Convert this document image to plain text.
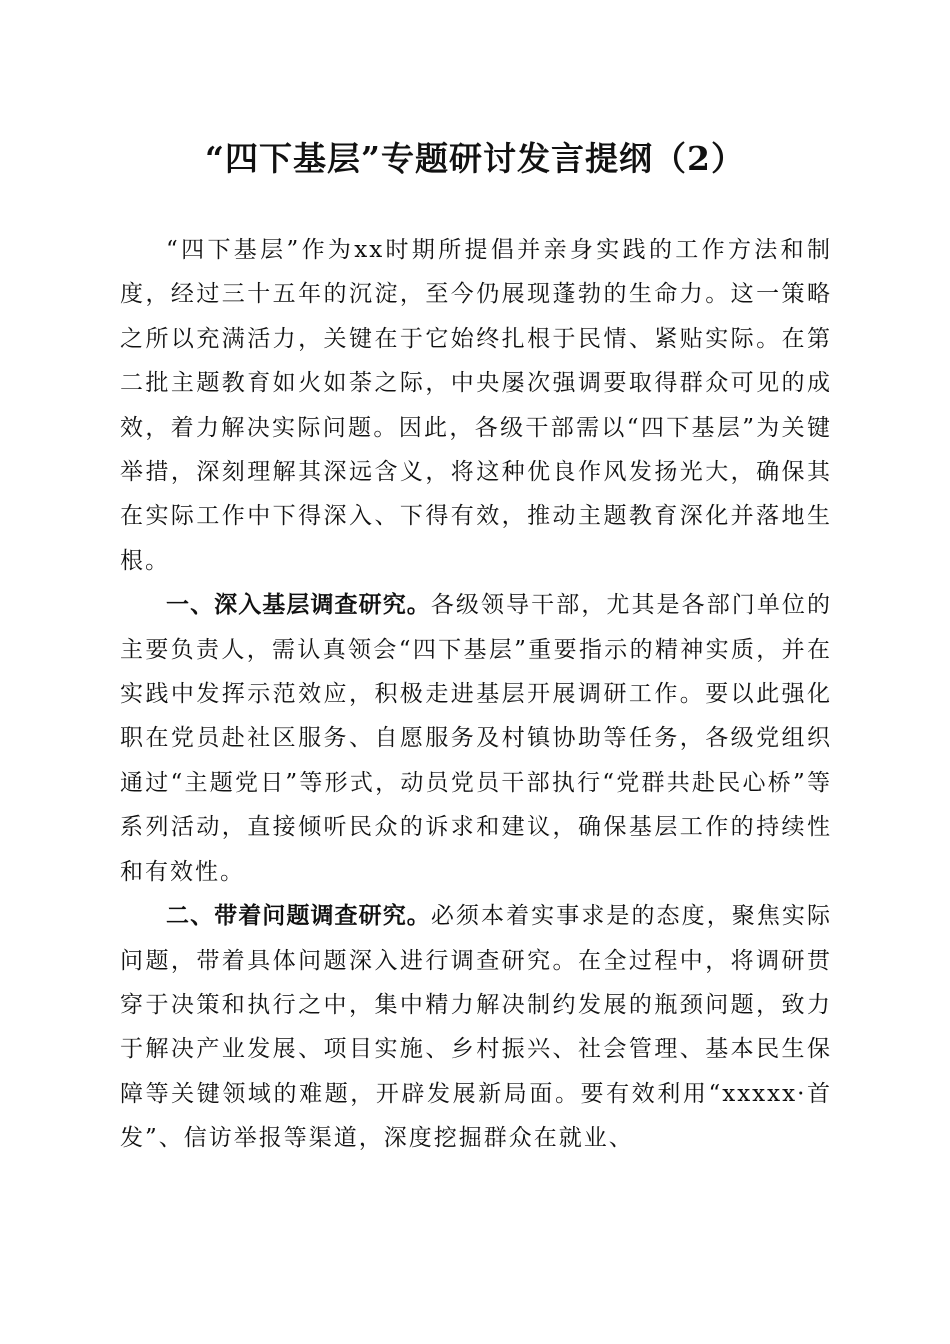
“四下基层”专题研讨发言提纲（2）

“四下基层”作为xx时期所提倡并亲身实践的工作方法和制度，经过三十五年的沉淀，至今仍展现蓬勃的生命力。这一策略之所以充满活力，关键在于它始终扎根于民情、紧贴实际。在第二批主题教育如火如荼之际，中央屡次强调要取得群众可见的成效，着力解决实际问题。因此，各级干部需以“四下基层”为关键举措，深刻理解其深远含义，将这种优良作风发扬光大，确保其在实际工作中下得深入、下得有效，推动主题教育深化并落地生根。

一、深入基层调查研究。各级领导干部，尤其是各部门单位的主要负责人，需认真领会“四下基层”重要指示的精神实质，并在实践中发挥示范效应，积极走进基层开展调研工作。要以此强化职在党员赴社区服务、自愿服务及村镇协助等任务，各级党组织通过“主题党日”等形式，动员党员干部执行“党群共赴民心桥”等系列活动，直接倾听民众的诉求和建议，确保基层工作的持续性和有效性。

二、带着问题调查研究。必须本着实事求是的态度，聚焦实际问题，带着具体问题深入进行调查研究。在全过程中，将调研贯穿于决策和执行之中，集中精力解决制约发展的瓶颈问题，致力于解决产业发展、项目实施、乡村振兴、社会管理、基本民生保障等关键领域的难题，开辟发展新局面。要有效利用“xxxxx·首发”、信访举报等渠道，深度挖掘群众在就业、
